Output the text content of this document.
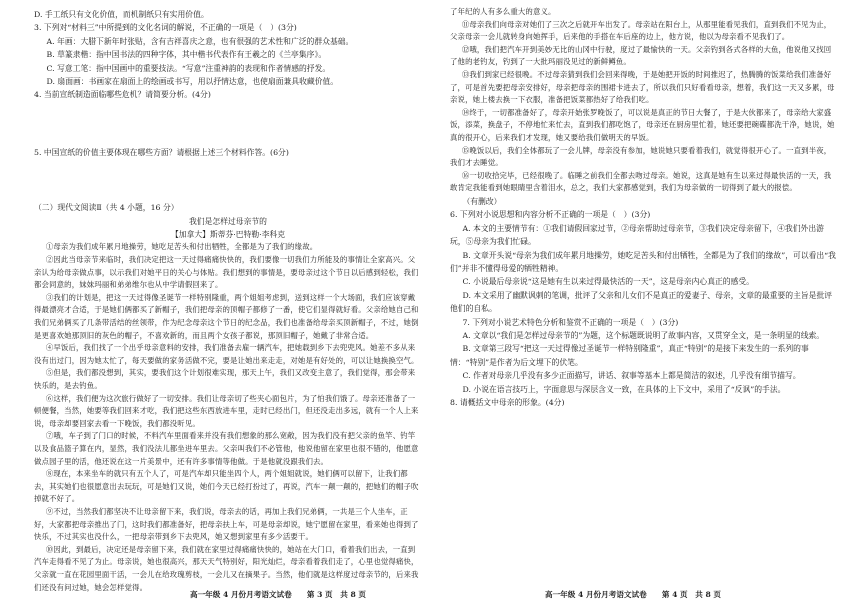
D. 手工纸只有文化价值，而机制纸只有实用价值。
3. 下列对“材料三”中所提到的文化名词的解说，不正确的一项是（　）(3分)
A. 年画：大腊下新年时张贴，含有吉祥喜庆之意，也有很强的艺术性和广泛的群众基础。
B. 草篆隶楷：指中国书法的四种字体，其中楷书代表作有王羲之的《兰亭集序》。
C. 写意工笔：指中国画中的重要技法。“写意”注重神韵的表现和作者情感的抒发。
D. 扇面画：书画家在扇面上的绘画或书写，用以抒情达意，也使扇面兼具收藏价值。
4. 当前宣纸制造面临哪些危机？请简要分析。(4分)
5. 中国宣纸的价值主要体现在哪些方面？请根据上述三个材料作答。(6分)
（二）现代文阅读Ⅱ（共 4 小题，16 分）
我们是怎样过母亲节的
【加拿大】斯蒂芬·巴特勒·李科克
①母亲为我们成年累月地操劳，她吃足苦头和付出牺牲，全都是为了我们的缘故。
②因此当母亲节来临时，我们决定把这一天过得痛痛快快的，我们要像一切我们力所能及的事情让全家高兴。父亲认为给母亲做点事，以示我们对她平日的关心与体贴。我们想到的事情是，要母亲过这个节日以后感到轻松，我们都会同意的，妹妹玛丽和弟弟维尔也从中学请假回来了。
③我们的计划是，把这一天过得像圣诞节一样特别隆重，两个姐姐考虑到，送到这样一个大场面，我们应该穿戴得最漂亮才合适，于是她们俩都买了新帽子，我们把母亲的顶帽子都修了一番，使它们显得就好看。父亲给她自己和我们兄弟俩买了几条带活结的丝领带，作为纪念母亲这个节日的纪念品，我们也准备给母亲买顶新帽子，不过，她倒是更喜欢她那顶旧的灰色的帽子，不喜欢新的，而且两个女孩子都说，那顶旧帽子，她戴了非常合适。
④早饭后，我们找了一个出乎母亲意料的安排，我们准备去雇一辆汽车，把她载到乡下去兜兜风。她差不多从来没有出过门，因为她太忙了，每天要做的家务活做不完，要是让她出来走走，对她是有好处的，可以让她换换空气。
⑤但是，我们都没想到，其实，要我们这个计划很难实现，那天上午，我们又改变主意了，我们觉得，那会带来快乐的，是去钓鱼。
⑥这样，我们便为这次旅行做好了一切安排。我们让母亲切了些夹心面包片，为了怕我们饿了。母亲还准备了一顿便餐，当然，她要等我们回来才吃，我们把这些东西放进车里，走时已经出门，但还没走出多远，就有一个人上来说，母亲却要回家去看一下晚饭，我们都没听见。
⑦哦，车子到了门口的时候，不料汽车里面看来并没有我们想象的那么宽敞，因为我们没有把父亲的鱼竿、钓竿以及食品篮子算在内，显然，我们没法儿都坐进车里去。父亲叫我们不必管他，他说他留在家里也很不错的，他愿意做点园子里的活，他还说在这一片美景中，还有许多事情等他做。于是他就没跟我们去。
⑧现在，本来坐车的就只有五个人了，可是汽车却只能坐四个人，两个姐姐就说，她们俩可以留下，让我们都去，其实她们也很愿意出去玩玩，可是她们又说，她们今天已经打扮过了，再说，汽车一颠一颠的，把她们的帽子吹掉就不好了。
⑨不过，当然我们都坚决不让母亲留下来，我们说，母亲去的话，再加上我们兄弟俩，一共是三个人坐车，正好，大家都把母亲推出了门，这时我们都准备好，把母亲扶上车，可是母亲却说，她宁愿留在家里，看来她也得到了快乐，不过其实也没什么，一把母亲带到乡下去兜风，她又想到家里有多少活要干。
⑩因此，到最后，决定还是母亲留下来，我们就在家里过得痛痛快快的，她站在大门口，看着我们出去，一直到汽车走得看不见了为止。母亲说，她也很高兴，那天天气特别好，阳光灿烂，母亲看着我们走了，心里也觉得痛快，父亲就一直在花园里面干活，一会儿在给玫瑰剪枝，一会儿又在摘果子。当然，他们就是这样度过母亲节的，后来我们还没有问过她，她会怎样觉得。
高一年级 4 月份月考语文试卷　　第 3 页　共 8 页
了年纪的人有多么重大的意义。
⑪母亲我们向母亲对她们了三次之后就开车出发了。母亲站在阳台上，从那里能看见我们，直到我们不见为止，父亲母亲一会儿就转身向她挥手，后来他的手搭在车后座的边上，他方说，他以为母亲看不见我们了。
⑫哦，我们把汽车开到美妙无比的山冈中行驶，度过了最愉快的一天。父亲钓到各式各样的大鱼，他说他又找回了他的老钓友，钓到了一大批玛丽没见过的新鲜鳟鱼。
⑬我们到家已经很晚。不过母亲猜到我们会回来得晚，于是她把开饭的时间推迟了，热腾腾的饭菜给我们准备好了，可是首先要把母亲安排好，母亲把母亲的围裙卡进去了，所以我们只好看看母亲，想着，我们这一天又多累，母亲说，她上楼去换一下衣服，准备把饭菜都热好了给我们吃。
⑭终于，一切都准备好了，母亲开始张罗晚饭了，可以说是真正的节日大餐了，于是大伙都来了，母亲给大家盛饭，添菜，换盘子，不停地忙来忙去，直到我们都吃饱了，母亲还在厨房里忙着，她还要把碗碟都洗干净，她说，她真的很开心，后来我们才发现，她又要给我们做明天的早饭。
⑮晚饭以后，我们全体都玩了一会儿牌，母亲没有参加，她说她只要看着我们，就觉得很开心了。一直到半夜，我们才去睡觉。
⑯一切收拾完毕，已经很晚了。临睡之前我们全都去吻过母亲。她说，这真是她有生以来过得最快活的一天，我敢肯定我能看到她眼睛里含着泪水，总之，我们大家都感觉到，我们为母亲做的一切得到了最大的报偿。
（有删改）
6. 下列对小说思想和内容分析不正确的一项是（　）(3分)
A. 本文的主要情节有：①我们请假回家过节，②母亲帮助过母亲节，③我们决定母亲留下，④我们外出游玩，⑤母亲为我们忙碌。
B. 文章开头说“母亲为我们成年累月地操劳，她吃足苦头和付出牺牲，全都是为了我们的缘故”，可以看出“我们”并非不懂得母爱的牺牲精神。
C. 小说最后母亲说“这是她有生以来过得最快活的一天”，这是母亲内心真正的感受。
D. 本文采用了幽默讽刺的笔调，批评了父亲和儿女们不是真正的爱妻子、母亲，文章的最重要的主旨是批评他们的自私。
7. 下列对小说艺术特色分析和鉴赏不正确的一项是（　）(3分)
A. 文章以“我们是怎样过母亲节的”为题，这个标题既说明了故事内容，又贯穿全文，是一条明显的线索。
B. 文章第三段写“把这一天过得像过圣诞节一样特别隆重”，真正“特别”的是接下来发生的一系列的事情：“特别”是作者为后文埋下的伏笔。
C. 作者对母亲几乎没有多少正面描写，讲话、叙事等基本上都是简洁的叙述，几乎没有细节描写。
D. 小说在语言技巧上，字面意思与深层含义一致，在具体的上下文中，采用了“反讽”的手法。
8. 请概括文中母亲的形象。(4分)
高一年级 4 月份月考语文试卷　　第 4 页　共 8 页
